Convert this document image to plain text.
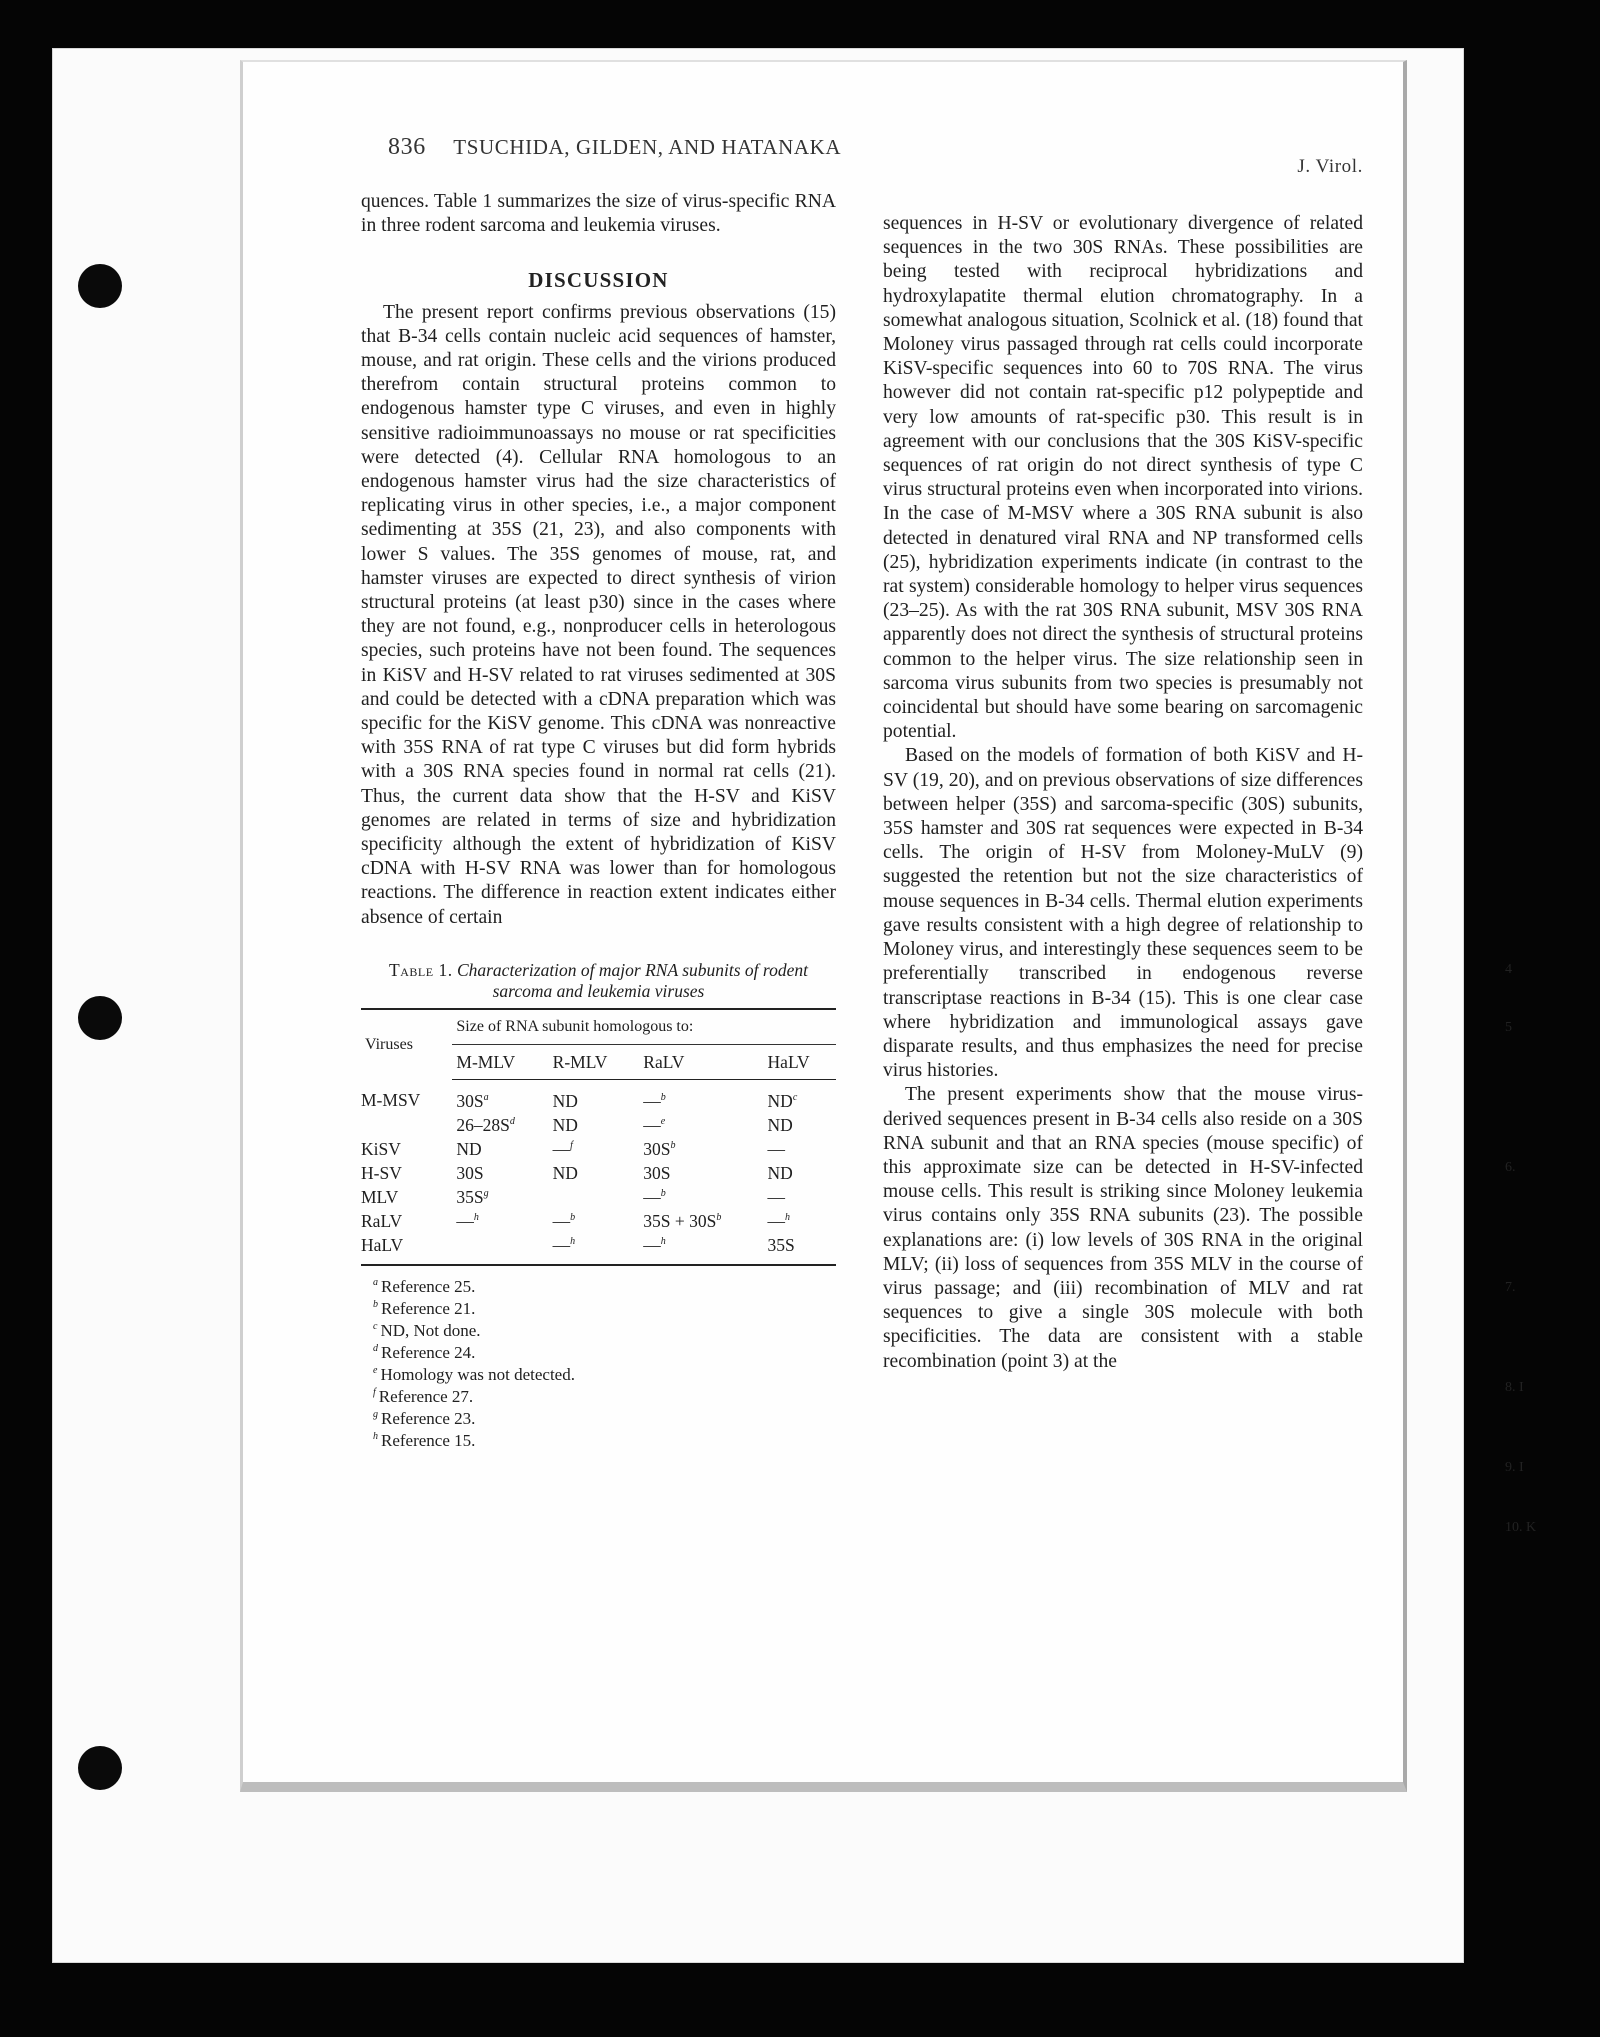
836 TSUCHIDA, GILDEN, AND HATANAKA
J. Virol.

quences. Table 1 summarizes the size of virus-specific RNA in three rodent sarcoma and leukemia viruses.

DISCUSSION

The present report confirms previous observations (15) that B-34 cells contain nucleic acid sequences of hamster, mouse, and rat origin. These cells and the virions produced therefrom contain structural proteins common to endogenous hamster type C viruses, and even in highly sensitive radioimmunoassays no mouse or rat specificities were detected (4). Cellular RNA homologous to an endogenous hamster virus had the size characteristics of replicating virus in other species, i.e., a major component sedimenting at 35S (21, 23), and also components with lower S values. The 35S genomes of mouse, rat, and hamster viruses are expected to direct synthesis of virion structural proteins (at least p30) since in the cases where they are not found, e.g., nonproducer cells in heterologous species, such proteins have not been found. The sequences in KiSV and H-SV related to rat viruses sedimented at 30S and could be detected with a cDNA preparation which was specific for the KiSV genome. This cDNA was nonreactive with 35S RNA of rat type C viruses but did form hybrids with a 30S RNA species found in normal rat cells (21). Thus, the current data show that the H-SV and KiSV genomes are related in terms of size and hybridization specificity although the extent of hybridization of KiSV cDNA with H-SV RNA was lower than for homologous reactions. The difference in reaction extent indicates either absence of certain

Table 1. Characterization of major RNA subunits of rodent sarcoma and leukemia viruses
Viruses	Size of RNA subunit homologous to:			
	M-MLV	R-MLV	RaLV	HaLV
M-MSV	$30S^a$	ND	—$^b$	$ND^c$
	$26-28S^d$	ND	—$^e$	ND
KiSV	ND	—$^f$	$30S^b$	—
H-SV	30S	ND	30S	ND
MLV	$35S^g$		—$^b$	—
RaLV	—$^h$	—$^b$	$35S + 30S^b$	—$^h$
HaLV		—$^h$	—$^h$	35S
$^a$ Reference 25.
$^b$ Reference 21.
$^c$ ND, Not done.
$^d$ Reference 24.
$^e$ Homology was not detected.
$^f$ Reference 27.
$^g$ Reference 23.
$^h$ Reference 15.

sequences in H-SV or evolutionary divergence of related sequences in the two 30S RNAs. These possibilities are being tested with reciprocal hybridizations and hydroxylapatite thermal elution chromatography. In a somewhat analogous situation, Scolnick et al. (18) found that Moloney virus passaged through rat cells could incorporate KiSV-specific sequences into 60 to 70S RNA. The virus however did not contain rat-specific p12 polypeptide and very low amounts of rat-specific p30. This result is in agreement with our conclusions that the 30S KiSV-specific sequences of rat origin do not direct synthesis of type C virus structural proteins even when incorporated into virions. In the case of M-MSV where a 30S RNA subunit is also detected in denatured viral RNA and NP transformed cells (25), hybridization experiments indicate (in contrast to the rat system) considerable homology to helper virus sequences (23–25). As with the rat 30S RNA subunit, MSV 30S RNA apparently does not direct the synthesis of structural proteins common to the helper virus. The size relationship seen in sarcoma virus subunits from two species is presumably not coincidental but should have some bearing on sarcomagenic potential.

Based on the models of formation of both KiSV and H-SV (19, 20), and on previous observations of size differences between helper (35S) and sarcoma-specific (30S) subunits, 35S hamster and 30S rat sequences were expected in B-34 cells. The origin of H-SV from Moloney-MuLV (9) suggested the retention but not the size characteristics of mouse sequences in B-34 cells. Thermal elution experiments gave results consistent with a high degree of relationship to Moloney virus, and interestingly these sequences seem to be preferentially transcribed in endogenous reverse transcriptase reactions in B-34 (15). This is one clear case where hybridization and immunological assays gave disparate results, and thus emphasizes the need for precise virus histories.

The present experiments show that the mouse virus-derived sequences present in B-34 cells also reside on a 30S RNA subunit and that an RNA species (mouse specific) of this approximate size can be detected in H-SV-infected mouse cells. This result is striking since Moloney leukemia virus contains only 35S RNA subunits (23). The possible explanations are: (i) low levels of 30S RNA in the original MLV; (ii) loss of sequences from 35S MLV in the course of virus passage; and (iii) recombination of MLV and rat sequences to give a single 30S molecule with both specificities. The data are consistent with a stable recombination (point 3) at the

4
5
6.
7.
8. I
9. I
10. K
